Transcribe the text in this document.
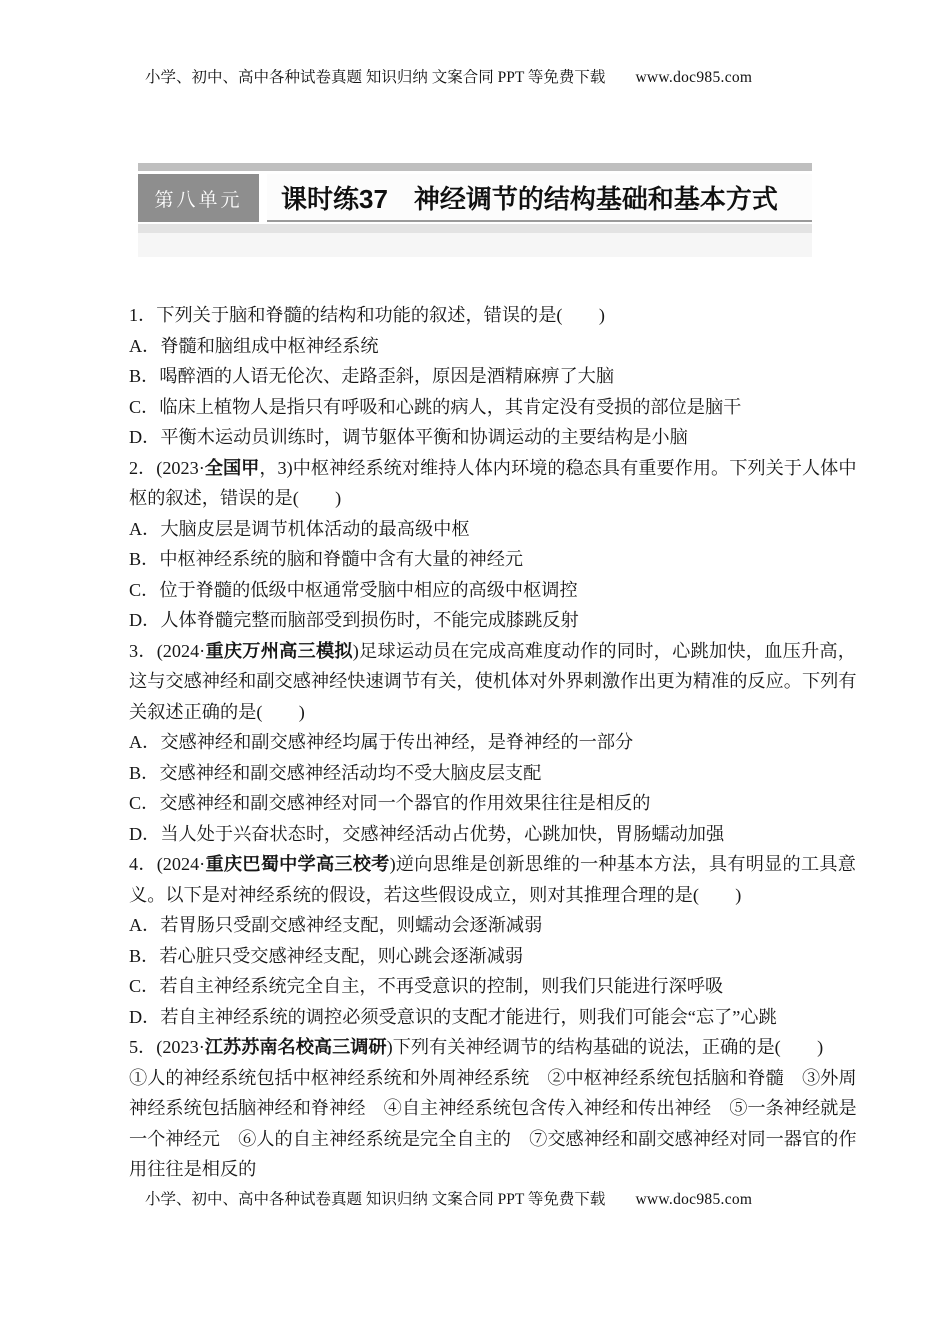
小学、初中、高中各种试卷真题 知识归纳 文案合同 PPT 等免费下载 www.doc985.com
第八单元	课时练37　神经调节的结构基础和基本方式
1．下列关于脑和脊髓的结构和功能的叙述，错误的是(　　)
A．脊髓和脑组成中枢神经系统
B．喝醉酒的人语无伦次、走路歪斜，原因是酒精麻痹了大脑
C．临床上植物人是指只有呼吸和心跳的病人，其肯定没有受损的部位是脑干
D．平衡木运动员训练时，调节躯体平衡和协调运动的主要结构是小脑
2．(2023·全国甲，3)中枢神经系统对维持人体内环境的稳态具有重要作用。下列关于人体中
枢的叙述，错误的是(　　)
A．大脑皮层是调节机体活动的最高级中枢
B．中枢神经系统的脑和脊髓中含有大量的神经元
C．位于脊髓的低级中枢通常受脑中相应的高级中枢调控
D．人体脊髓完整而脑部受到损伤时，不能完成膝跳反射
3．(2024·重庆万州高三模拟)足球运动员在完成高难度动作的同时，心跳加快，血压升高，
这与交感神经和副交感神经快速调节有关，使机体对外界刺激作出更为精准的反应。下列有
关叙述正确的是(　　)
A．交感神经和副交感神经均属于传出神经，是脊神经的一部分
B．交感神经和副交感神经活动均不受大脑皮层支配
C．交感神经和副交感神经对同一个器官的作用效果往往是相反的
D．当人处于兴奋状态时，交感神经活动占优势，心跳加快，胃肠蠕动加强
4．(2024·重庆巴蜀中学高三校考)逆向思维是创新思维的一种基本方法，具有明显的工具意
义。以下是对神经系统的假设，若这些假设成立，则对其推理合理的是(　　)
A．若胃肠只受副交感神经支配，则蠕动会逐渐减弱
B．若心脏只受交感神经支配，则心跳会逐渐减弱
C．若自主神经系统完全自主，不再受意识的控制，则我们只能进行深呼吸
D．若自主神经系统的调控必须受意识的支配才能进行，则我们可能会“忘了”心跳
5．(2023·江苏苏南名校高三调研)下列有关神经调节的结构基础的说法，正确的是(　　)
①人的神经系统包括中枢神经系统和外周神经系统　②中枢神经系统包括脑和脊髓　③外周
神经系统包括脑神经和脊神经　④自主神经系统包含传入神经和传出神经　⑤一条神经就是
一个神经元　⑥人的自主神经系统是完全自主的　⑦交感神经和副交感神经对同一器官的作
用往往是相反的
小学、初中、高中各种试卷真题 知识归纳 文案合同 PPT 等免费下载 www.doc985.com
